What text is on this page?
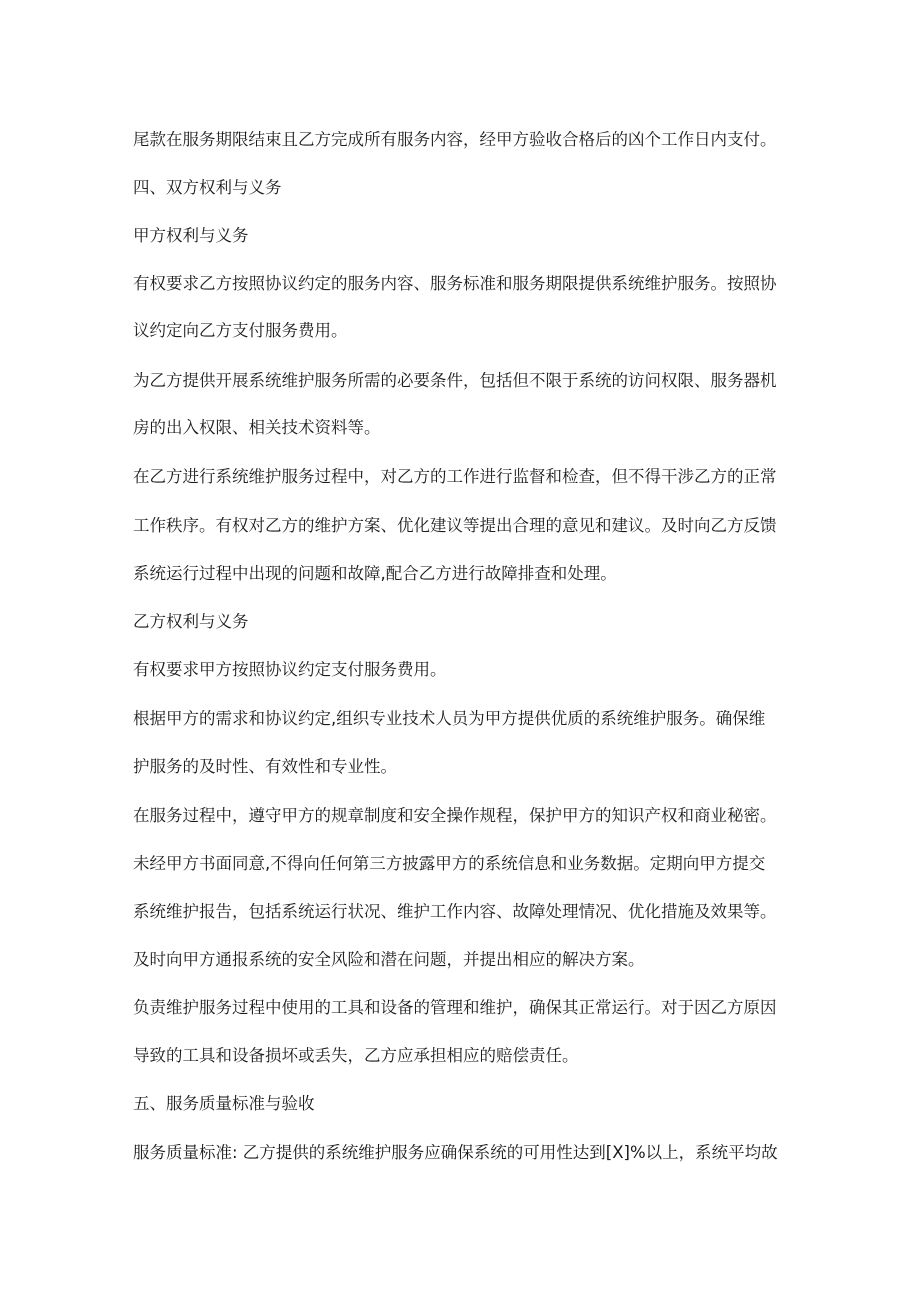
尾款在服务期限结束且乙方完成所有服务内容，经甲方验收合格后的凶个工作日内支付。
四、双方权利与义务
甲方权利与义务
有权要求乙方按照协议约定的服务内容、服务标准和服务期限提供系统维护服务。按照协
议约定向乙方支付服务费用。
为乙方提供开展系统维护服务所需的必要条件，包括但不限于系统的访问权限、服务器机
房的出入权限、相关技术资料等。
在乙方进行系统维护服务过程中，对乙方的工作进行监督和检查，但不得干涉乙方的正常
工作秩序。有权对乙方的维护方案、优化建议等提出合理的意见和建议。及时向乙方反馈
系统运行过程中出现的问题和故障,配合乙方进行故障排查和处理。
乙方权利与义务
有权要求甲方按照协议约定支付服务费用。
根据甲方的需求和协议约定,组织专业技术人员为甲方提供优质的系统维护服务。确保维
护服务的及时性、有效性和专业性。
在服务过程中，遵守甲方的规章制度和安全操作规程，保护甲方的知识产权和商业秘密。
未经甲方书面同意,不得向任何第三方披露甲方的系统信息和业务数据。定期向甲方提交
系统维护报告，包括系统运行状况、维护工作内容、故障处理情况、优化措施及效果等。
及时向甲方通报系统的安全风险和潜在问题，并提出相应的解决方案。
负责维护服务过程中使用的工具和设备的管理和维护，确保其正常运行。对于因乙方原因
导致的工具和设备损坏或丢失，乙方应承担相应的赔偿责任。
五、服务质量标准与验收
服务质量标准: 乙方提供的系统维护服务应确保系统的可用性达到[X]%以上，系统平均故
